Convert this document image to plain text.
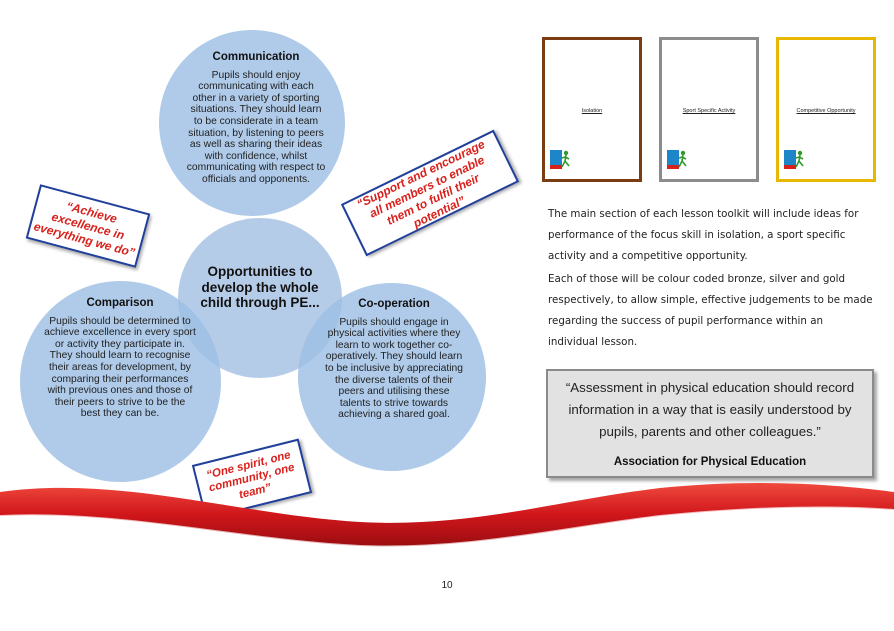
Communication
Pupils should enjoy communicating with each other in a variety of sporting situations. They should learn to be considerate in a team situation, by listening to peers as well as sharing their ideas with confidence, whilst communicating with respect to officials and opponents.
Opportunities to develop the whole child through PE...
Comparison
Pupils should be determined to achieve excellence in every sport or activity they participate in. They should learn to recognise their areas for development, by comparing their performances with previous ones and those of their peers to strive to be the best they can be.
Co-operation
Pupils should engage in physical activities where they learn to work together co-operatively. They should learn to be inclusive by appreciating the diverse talents of their peers and utilising these talents to strive towards achieving a shared goal.
“Achieve excellence in everything we do”
“Support and encourage all members to enable them to fulfil their potential”
“One spirit, one community, one team”
Isolation	Sport Specific Activity	Competitive Opportunity

The main section of each lesson toolkit will include ideas for performance of the focus skill in isolation, a sport specific activity and a competitive opportunity.

Each of those will be colour coded bronze, silver and gold respectively, to allow simple, effective judgements to be made regarding the success of pupil performance within an individual lesson.

“Assessment in physical education should record information in a way that is easily understood by pupils, parents and other colleagues.”
Association for Physical Education
10
